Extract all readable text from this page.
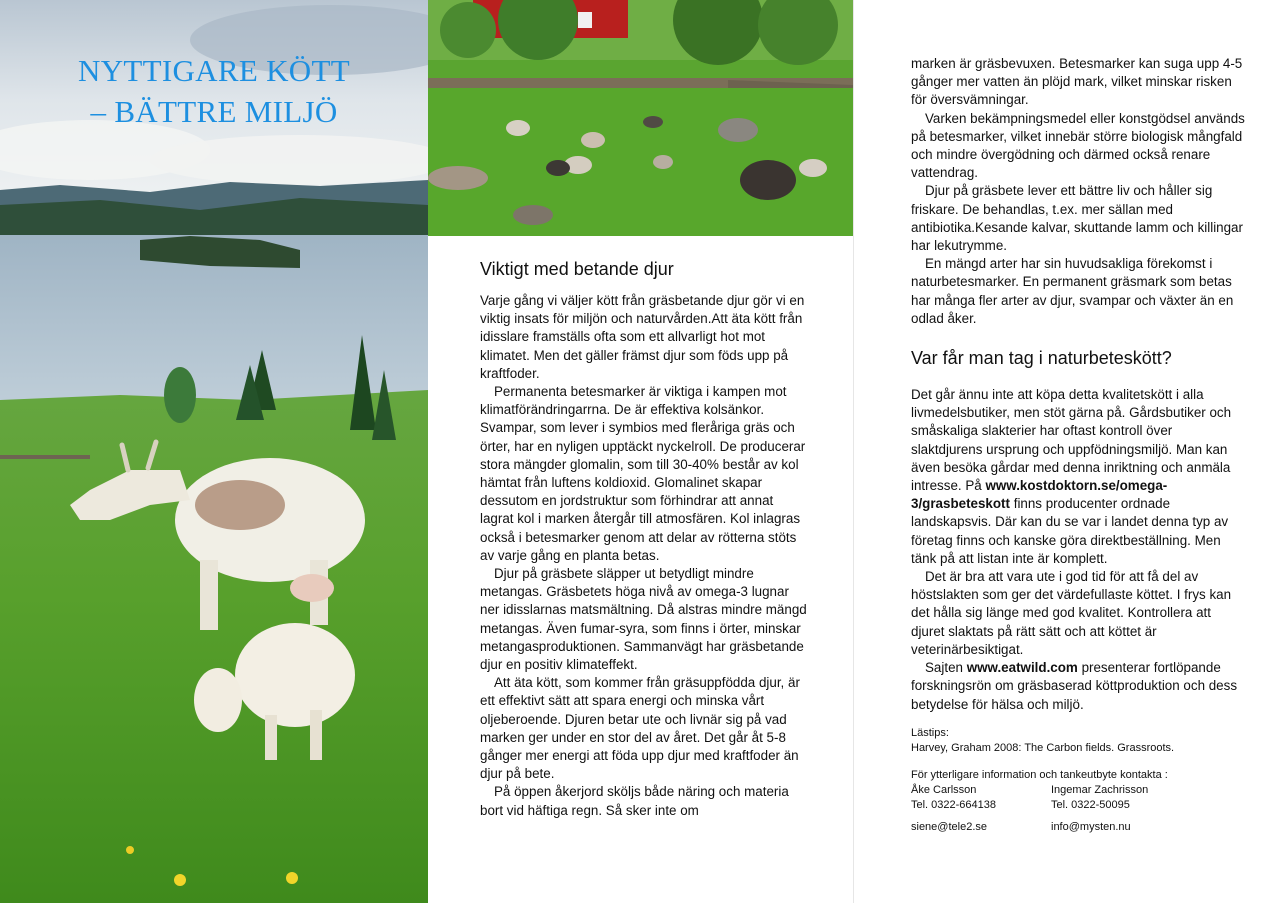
NYTTIGARE KÖTT
– BÄTTRE MILJÖ
Viktigt med betande djur

Varje gång vi väljer kött från gräsbetande djur gör vi en viktig insats för miljön och naturvården.Att äta kött från idisslare framställs ofta som ett allvarligt hot mot klimatet. Men det gäller främst djur som föds upp på kraftfoder.

Permanenta betesmarker är viktiga i kampen mot klimatförändringarrna. De är effektiva kolsänkor. Svampar, som lever i symbios med fleråriga gräs och örter, har en nyligen upptäckt nyckelroll. De producerar stora mängder glomalin, som till 30-40% består av kol hämtat från luftens koldioxid. Glomalinet skapar dessutom en jordstruktur som förhindrar att annat lagrat kol i marken återgår till atmosfären. Kol inlagras också i betesmarker genom att delar av rötterna stöts av varje gång en planta betas.

Djur på gräsbete släpper ut betydligt mindre metangas. Gräsbetets höga nivå av omega-3 lugnar ner idisslarnas matsmältning. Då alstras mindre mängd metangas. Även fumar-syra, som finns i örter, minskar metangasproduktionen. Sammanvägt har gräsbetande djur en positiv klimateffekt.

Att äta kött, som kommer från gräsuppfödda djur, är ett effektivt sätt att spara energi och minska vårt oljeberoende. Djuren betar ute och livnär sig på vad marken ger under en stor del av året. Det går åt 5-8 gånger mer energi att föda upp djur med kraftfoder än djur på bete.

På öppen åkerjord sköljs både näring och materia bort vid häftiga regn. Så sker inte om

marken är gräsbevuxen. Betesmarker kan suga upp 4-5 gånger mer vatten än plöjd mark, vilket minskar risken för översvämningar.

Varken bekämpningsmedel eller konstgödsel används på betesmarker, vilket innebär större biologisk mångfald och mindre övergödning och därmed också renare vattendrag.

Djur på gräsbete lever ett bättre liv och håller sig friskare. De behandlas, t.ex. mer sällan med antibiotika.Kesande kalvar, skuttande lamm och killingar har lekutrymme.

En mängd arter har sin huvudsakliga förekomst i naturbetesmarker. En permanent gräsmark som betas har många fler arter av djur, svampar och växter än en odlad åker.

Var får man tag i naturbeteskött?

Det går ännu inte att köpa detta kvalitetskött i alla livmedelsbutiker, men stöt gärna på. Gårdsbutiker och småskaliga slakterier har oftast kontroll över slaktdjurens ursprung och uppfödningsmiljö. Man kan även besöka gårdar med denna inriktning och anmäla intresse. På www.kostdoktorn.se/omega-3/grasbeteskott finns producenter ordnade landskapsvis. Där kan du se var i landet denna typ av företag finns och kanske göra direktbeställning. Men tänk på att listan inte är komplett.

Det är bra att vara ute i god tid för att få del av höstslakten som ger det värdefullaste köttet. I frys kan det hålla sig länge med god kvalitet. Kontrollera att djuret slaktats på rätt sätt och att köttet är veterinärbesiktigat.

Sajten www.eatwild.com presenterar fortlöpande forskningsrön om gräsbaserad köttproduktion och dess betydelse för hälsa och miljö.

Lästips:
Harvey, Graham 2008: The Carbon fields. Grassroots.
För ytterligare information och tankeutbyte kontakta :
Åke Carlsson	Ingemar Zachrisson
Tel. 0322-664138	Tel. 0322-50095
siene@tele2.se	info@mysten.nu
